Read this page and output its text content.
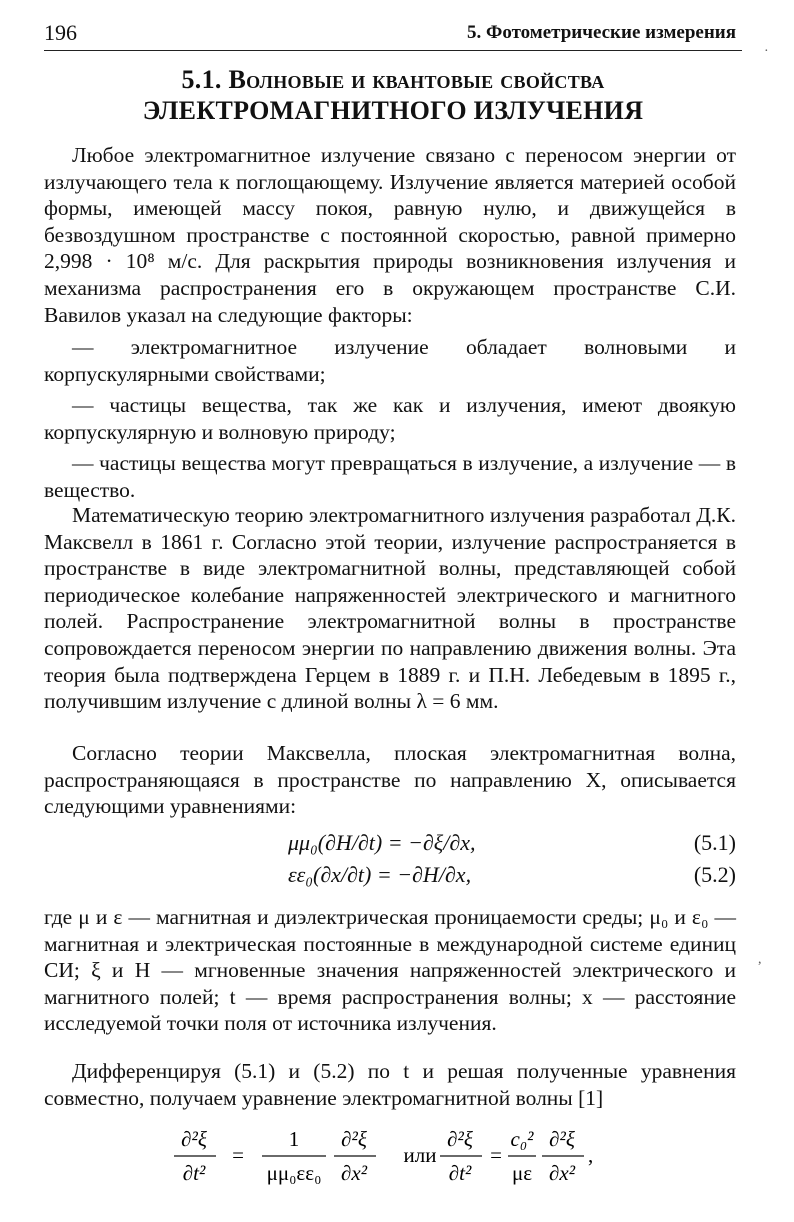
196	5. Фотометрические измерения
·
5.1. Волновые и квантовые свойства
ЭЛЕКТРОМАГНИТНОГО ИЗЛУЧЕНИЯ

Любое электромагнитное излучение связано с переносом энергии от излучающего тела к поглощающему. Излучение является материей особой формы, имеющей массу покоя, равную нулю, и движущейся в безвоздушном пространстве с постоянной скоростью, равной примерно 2,998 · 10⁸ м/с. Для раскрытия природы возникновения излучения и механизма распространения его в окружающем пространстве С.И. Вавилов указал на следующие факторы:

— электромагнитное излучение обладает волновыми и корпускулярными свойствами;

— частицы вещества, так же как и излучения, имеют двоякую корпускулярную и волновую природу;

— частицы вещества могут превращаться в излучение, а излучение — в вещество.

Математическую теорию электромагнитного излучения разработал Д.К. Максвелл в 1861 г. Согласно этой теории, излучение распространяется в пространстве в виде электромагнитной волны, представляющей собой периодическое колебание напряженностей электрического и магнитного полей. Распространение электромагнитной волны в пространстве сопровождается переносом энергии по направлению движения волны. Эта теория была подтверждена Герцем в 1889 г. и П.Н. Лебедевым в 1895 г., получившим излучение с длиной волны λ = 6 мм.

Согласно теории Максвелла, плоская электромагнитная волна, распространяющаяся в пространстве по направлению X, описывается следующими уравнениями:

μμ₀(∂H/∂t) = −∂ξ/∂x,	(5.1)
εε₀(∂x/∂t) = −∂H/∂x,	(5.2)

где μ и ε — магнитная и диэлектрическая проницаемости среды; μ₀ и ε₀ — магнитная и электрическая постоянные в международной системе единиц СИ; ξ и H — мгновенные значения напряженностей электрического и магнитного полей; t — время распространения волны; x — расстояние исследуемой точки поля от источника излучения.

,

Дифференцируя (5.1) и (5.2) по t и решая полученные уравнения совместно, получаем уравнение электромагнитной волны [1]

∂²ξ
∂t²
=
1
μμ₀εε₀
∂²ξ
∂x²
или
∂²ξ
∂t²
=
c₀²
με
∂²ξ
∂x²
,
